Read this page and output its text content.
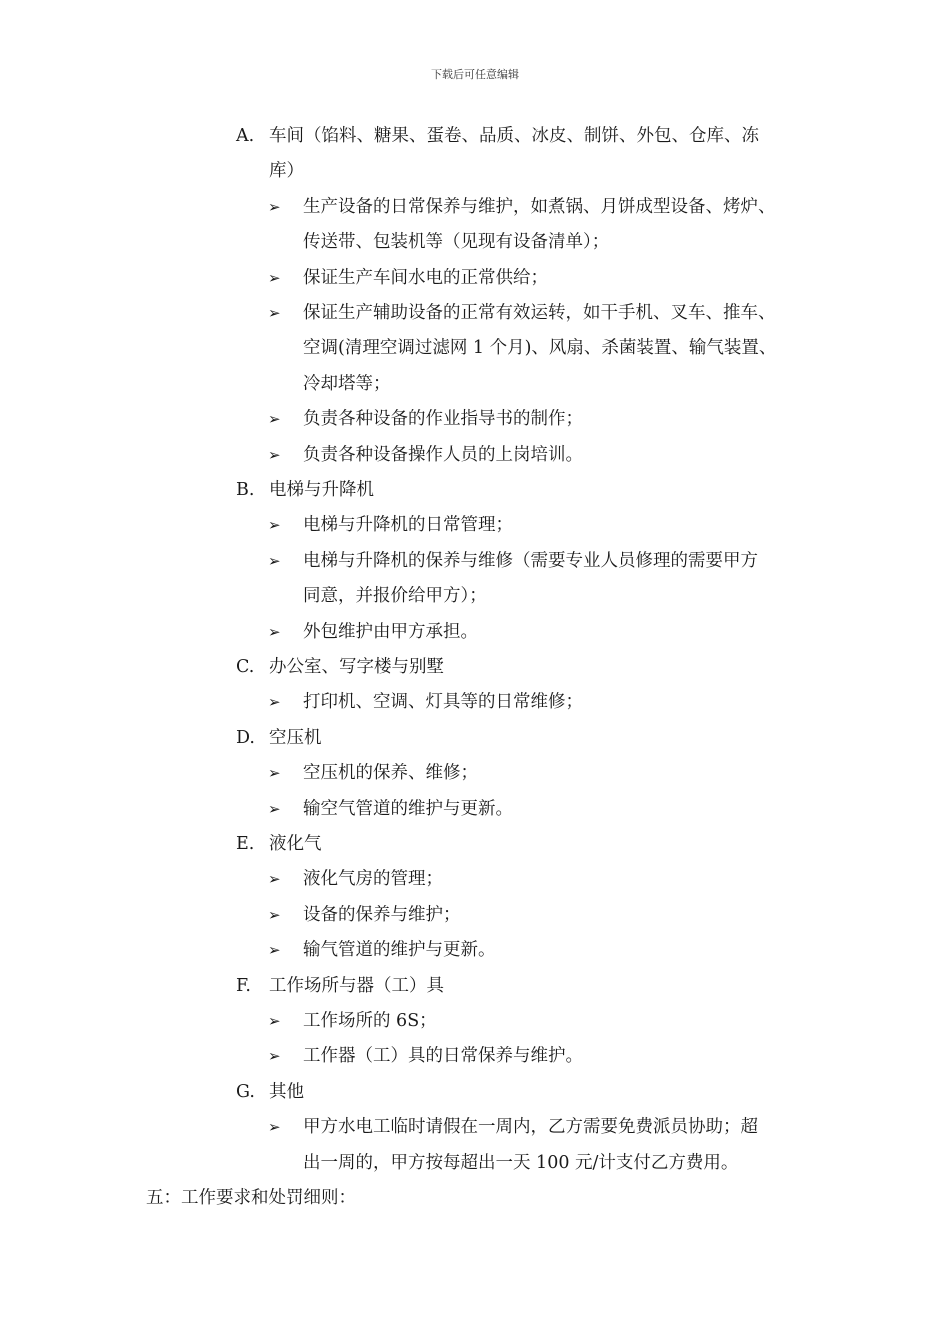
下载后可任意编辑
A. 车间（馅料、糖果、蛋卷、品质、冰皮、制饼、外包、仓库、冻
库）
➢	生产设备的日常保养与维护，如煮锅、月饼成型设备、烤炉、
传送带、包装机等（见现有设备清单）；
➢	保证生产车间水电的正常供给；
➢	保证生产辅助设备的正常有效运转，如干手机、叉车、推车、
空调(清理空调过滤网 1 个月)、风扇、杀菌装置、输气装置、
冷却塔等；
➢	负责各种设备的作业指导书的制作；
➢	负责各种设备操作人员的上岗培训。
B. 电梯与升降机
➢	电梯与升降机的日常管理；
➢	电梯与升降机的保养与维修（需要专业人员修理的需要甲方
同意，并报价给甲方）；
➢	外包维护由甲方承担。
C. 办公室、写字楼与别墅
➢	打印机、空调、灯具等的日常维修；
D. 空压机
➢	空压机的保养、维修；
➢	输空气管道的维护与更新。
E. 液化气
➢	液化气房的管理；
➢	设备的保养与维护；
➢	输气管道的维护与更新。
F.	工作场所与器（工）具
➢	工作场所的 6S；
➢	工作器（工）具的日常保养与维护。
G. 其他
➢	甲方水电工临时请假在一周内，乙方需要免费派员协助；超
出一周的，甲方按每超出一天 100 元/计支付乙方费用。
五：工作要求和处罚细则：
